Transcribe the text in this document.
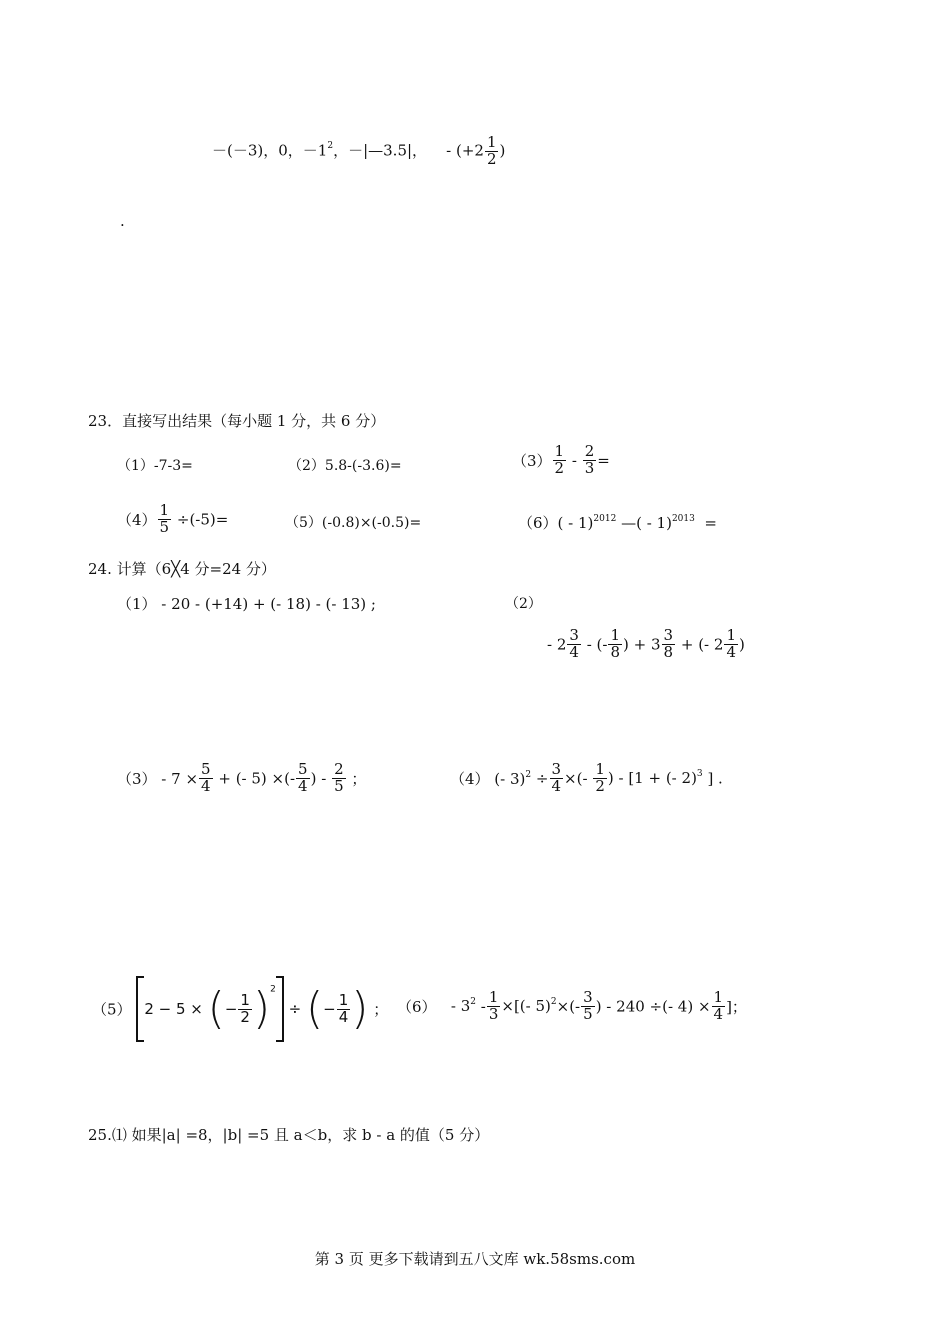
－(－3)，0，$-1^2$，－|—3.5|， - ($+2 \frac{1}{2}$ )
.
23．直接写出结果（每小题 1 分，共 6 分）
（1）-7-3=	（2）5.8-(-3.6)=	$(3) \frac{1}{2} - \frac{2}{3}$ =
$(4) \frac{1}{5} \div(-5)=$	（5）(-0.8)×(-0.5)=	（6）( - 1)$^{2012}$ —( - 1)$^{2013}$ =
24. 计算（6╳4 分=24 分）
（1） - 20 - (+14) + (- 18) - (- 13) ;	（2）
- $2 \frac{3}{4}$ - (- $\frac{1}{8}$ ) + $3 \frac{3}{8}$ + (- $2 \frac{1}{4}$ )
$(3) - 7 \times \frac{5}{4}$ + (- 5) ×(- $\frac{5}{4}$ ) - $\frac{2}{5}$ ；	（4） (- $3)^2 \div \frac{3}{4}$ ×(- $\frac{1}{2}$ ) - [1 + (- 2)$^3$ ] .
（5） 2 − 5 × (− $\frac{1}{2} )^2$ ÷ (− $\frac{1}{4}$ ) ； $(6) - 3^2 - \frac{1}{3}$ ×[(- $5)^2\times(- \frac{3}{5}$ ) - 240 ÷(- $4) \times \frac{1}{4}$ ]；
25.⑴ 如果|a| =8，|b| =5 且 a＜b，求 b - a 的值（5 分）
第 3 页 更多下载请到五八文库 wk.58sms.com
